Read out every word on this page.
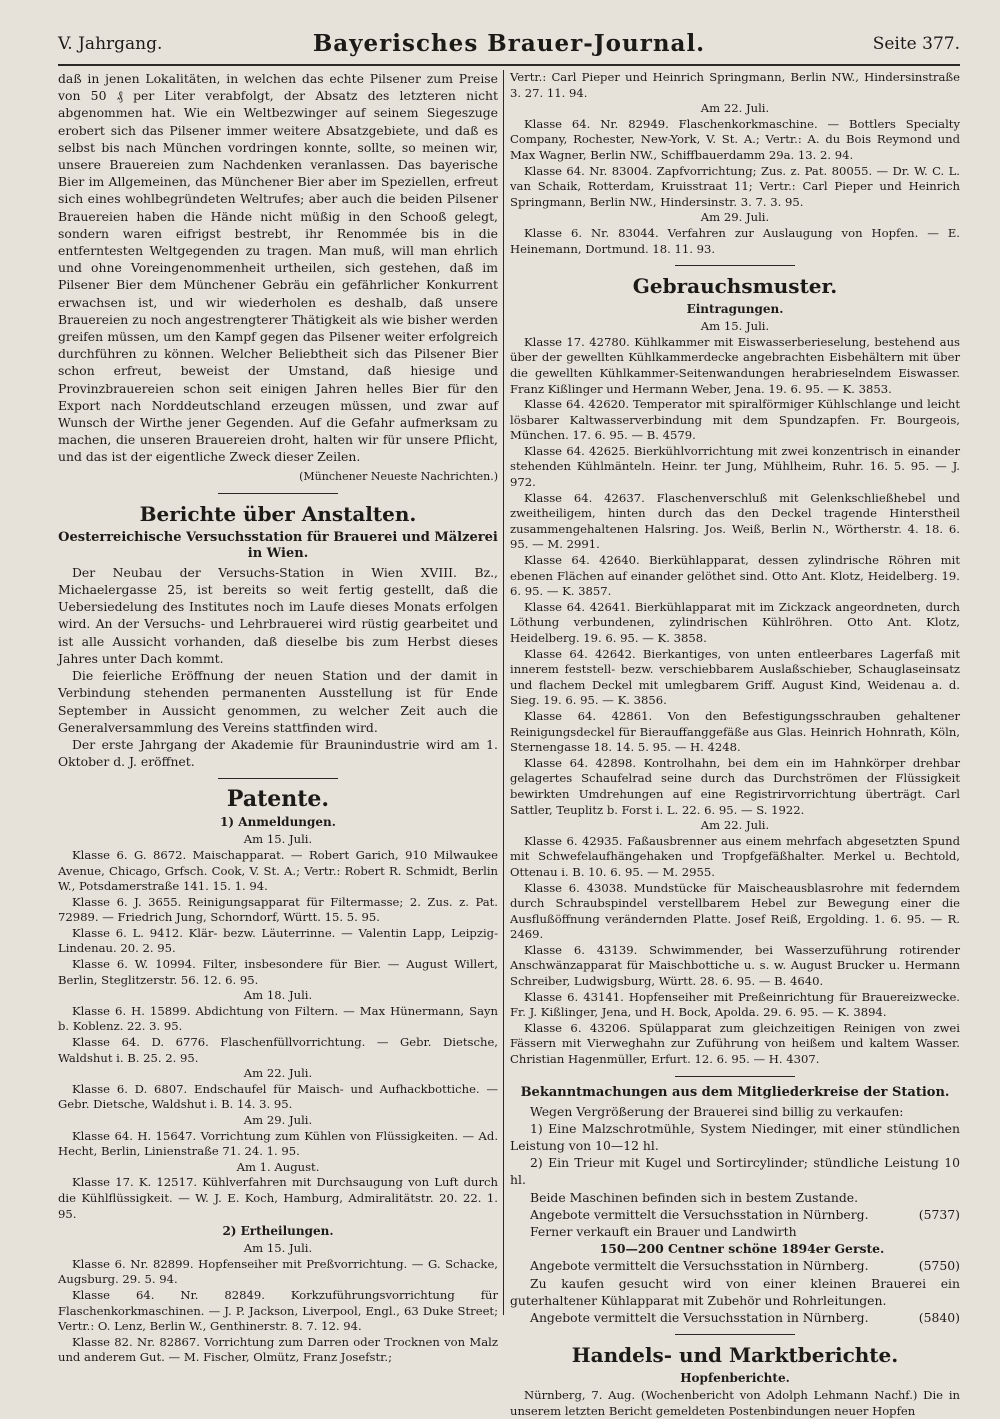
V. Jahrgang.	Bayerisches Brauer-Journal.	Seite 377.

daß in jenen Lokalitäten, in welchen das echte Pilsener zum Preise von 50 ₰ per Liter verabfolgt, der Absatz des letzteren nicht abgenommen hat. Wie ein Weltbezwinger auf seinem Siegeszuge erobert sich das Pilsener immer weitere Absatzgebiete, und daß es selbst bis nach München vordringen konnte, sollte, so meinen wir, unsere Brauereien zum Nachdenken veranlassen. Das bayerische Bier im Allgemeinen, das Münchener Bier aber im Speziellen, erfreut sich eines wohlbegründeten Weltrufes; aber auch die beiden Pilsener Brauereien haben die Hände nicht müßig in den Schooß gelegt, sondern waren eifrigst bestrebt, ihr Renommée bis in die entferntesten Weltgegenden zu tragen. Man muß, will man ehrlich und ohne Voreingenommenheit urtheilen, sich gestehen, daß im Pilsener Bier dem Münchener Gebräu ein gefährlicher Konkurrent erwachsen ist, und wir wiederholen es deshalb, daß unsere Brauereien zu noch angestrengterer Thätigkeit als wie bisher werden greifen müssen, um den Kampf gegen das Pilsener weiter erfolgreich durchführen zu können. Welcher Beliebtheit sich das Pilsener Bier schon erfreut, beweist der Umstand, daß hiesige und Provinzbrauereien schon seit einigen Jahren helles Bier für den Export nach Norddeutschland erzeugen müssen, und zwar auf Wunsch der Wirthe jener Gegenden. Auf die Gefahr aufmerksam zu machen, die unseren Brauereien droht, halten wir für unsere Pflicht, und das ist der eigentliche Zweck dieser Zeilen.

(Münchener Neueste Nachrichten.)
Berichte über Anstalten.
Oesterreichische Versuchsstation für Brauerei und Mälzerei in Wien.

Der Neubau der Versuchs-Station in Wien XVIII. Bz., Michaelergasse 25, ist bereits so weit fertig gestellt, daß die Uebersiedelung des Institutes noch im Laufe dieses Monats erfolgen wird. An der Versuchs- und Lehrbrauerei wird rüstig gearbeitet und ist alle Aussicht vorhanden, daß dieselbe bis zum Herbst dieses Jahres unter Dach kommt.

Die feierliche Eröffnung der neuen Station und der damit in Verbindung stehenden permanenten Ausstellung ist für Ende September in Aussicht genommen, zu welcher Zeit auch die Generalversammlung des Vereins stattfinden wird.

Der erste Jahrgang der Akademie für Braunindustrie wird am 1. Oktober d. J. eröffnet.

Patente.
1) Anmeldungen.
Am 15. Juli.

Klasse 6. G. 8672. Maischapparat. — Robert Garich, 910 Milwaukee Avenue, Chicago, Grfsch. Cook, V. St. A.; Vertr.: Robert R. Schmidt, Berlin W., Potsdamerstraße 141. 15. 1. 94.

Klasse 6. J. 3655. Reinigungsapparat für Filtermasse; 2. Zus. z. Pat. 72989. — Friedrich Jung, Schorndorf, Württ. 15. 5. 95.

Klasse 6. L. 9412. Klär- bezw. Läuterrinne. — Valentin Lapp, Leipzig-Lindenau. 20. 2. 95.

Klasse 6. W. 10994. Filter, insbesondere für Bier. — August Willert, Berlin, Steglitzerstr. 56. 12. 6. 95.

Am 18. Juli.

Klasse 6. H. 15899. Abdichtung von Filtern. — Max Hünermann, Sayn b. Koblenz. 22. 3. 95.

Klasse 64. D. 6776. Flaschenfüllvorrichtung. — Gebr. Dietsche, Waldshut i. B. 25. 2. 95.

Am 22. Juli.

Klasse 6. D. 6807. Endschaufel für Maisch- und Aufhackbottiche. — Gebr. Dietsche, Waldshut i. B. 14. 3. 95.

Am 29. Juli.

Klasse 64. H. 15647. Vorrichtung zum Kühlen von Flüssigkeiten. — Ad. Hecht, Berlin, Linienstraße 71. 24. 1. 95.

Am 1. August.

Klasse 17. K. 12517. Kühlverfahren mit Durchsaugung von Luft durch die Kühlflüssigkeit. — W. J. E. Koch, Hamburg, Admiralitätstr. 20. 22. 1. 95.

2) Ertheilungen.
Am 15. Juli.

Klasse 6. Nr. 82899. Hopfenseiher mit Preßvorrichtung. — G. Schacke, Augsburg. 29. 5. 94.

Klasse 64. Nr. 82849. Korkzuführungsvorrichtung für Flaschenkorkmaschinen. — J. P. Jackson, Liverpool, Engl., 63 Duke Street; Vertr.: O. Lenz, Berlin W., Genthinerstr. 8. 7. 12. 94.

Klasse 82. Nr. 82867. Vorrichtung zum Darren oder Trocknen von Malz und anderem Gut. — M. Fischer, Olmütz, Franz Josefstr.;

Vertr.: Carl Pieper und Heinrich Springmann, Berlin NW., Hindersinstraße 3. 27. 11. 94.

Am 22. Juli.

Klasse 64. Nr. 82949. Flaschenkorkmaschine. — Bottlers Specialty Company, Rochester, New-York, V. St. A.; Vertr.: A. du Bois Reymond und Max Wagner, Berlin NW., Schiffbauerdamm 29a. 13. 2. 94.

Klasse 64. Nr. 83004. Zapfvorrichtung; Zus. z. Pat. 80055. — Dr. W. C. L. van Schaik, Rotterdam, Kruisstraat 11; Vertr.: Carl Pieper und Heinrich Springmann, Berlin NW., Hindersinstr. 3. 7. 3. 95.

Am 29. Juli.

Klasse 6. Nr. 83044. Verfahren zur Auslaugung von Hopfen. — E. Heinemann, Dortmund. 18. 11. 93.

Gebrauchsmuster.
Eintragungen.
Am 15. Juli.

Klasse 17. 42780. Kühlkammer mit Eiswasserberieselung, bestehend aus über der gewellten Kühlkammerdecke angebrachten Eisbehältern mit über die gewellten Kühlkammer-Seitenwandungen herabrieselndem Eiswasser. Franz Kißlinger und Hermann Weber, Jena. 19. 6. 95. — K. 3853.

Klasse 64. 42620. Temperator mit spiralförmiger Kühlschlange und leicht lösbarer Kaltwasserverbindung mit dem Spundzapfen. Fr. Bourgeois, München. 17. 6. 95. — B. 4579.

Klasse 64. 42625. Bierkühlvorrichtung mit zwei konzentrisch in einander stehenden Kühlmänteln. Heinr. ter Jung, Mühlheim, Ruhr. 16. 5. 95. — J. 972.

Klasse 64. 42637. Flaschenverschluß mit Gelenkschließhebel und zweitheiligem, hinten durch das den Deckel tragende Hinterstheil zusammengehaltenen Halsring. Jos. Weiß, Berlin N., Wörtherstr. 4. 18. 6. 95. — M. 2991.

Klasse 64. 42640. Bierkühlapparat, dessen zylindrische Röhren mit ebenen Flächen auf einander gelöthet sind. Otto Ant. Klotz, Heidelberg. 19. 6. 95. — K. 3857.

Klasse 64. 42641. Bierkühlapparat mit im Zickzack angeordneten, durch Löthung verbundenen, zylindrischen Kühlröhren. Otto Ant. Klotz, Heidelberg. 19. 6. 95. — K. 3858.

Klasse 64. 42642. Bierkantiges, von unten entleerbares Lagerfaß mit innerem feststell- bezw. verschiebbarem Auslaßschieber, Schauglaseinsatz und flachem Deckel mit umlegbarem Griff. August Kind, Weidenau a. d. Sieg. 19. 6. 95. — K. 3856.

Klasse 64. 42861. Von den Befestigungsschrauben gehaltener Reinigungsdeckel für Bierauffanggefäße aus Glas. Heinrich Hohnrath, Köln, Sternengasse 18. 14. 5. 95. — H. 4248.

Klasse 64. 42898. Kontrolhahn, bei dem ein im Hahnkörper drehbar gelagertes Schaufelrad seine durch das Durchströmen der Flüssigkeit bewirkten Umdrehungen auf eine Registrirvorrichtung überträgt. Carl Sattler, Teuplitz b. Forst i. L. 22. 6. 95. — S. 1922.

Am 22. Juli.

Klasse 6. 42935. Faßausbrenner aus einem mehrfach abgesetzten Spund mit Schwefelaufhängehaken und Tropfgefäßhalter. Merkel u. Bechtold, Ottenau i. B. 10. 6. 95. — M. 2955.

Klasse 6. 43038. Mundstücke für Maischeausblasrohre mit federndem durch Schraubspindel verstellbarem Hebel zur Bewegung einer die Ausflußöffnung verändernden Platte. Josef Reiß, Ergolding. 1. 6. 95. — R. 2469.

Klasse 6. 43139. Schwimmender, bei Wasserzuführung rotirender Anschwänzapparat für Maischbottiche u. s. w. August Brucker u. Hermann Schreiber, Ludwigsburg, Württ. 28. 6. 95. — B. 4640.

Klasse 6. 43141. Hopfenseiher mit Preßeinrichtung für Brauereizwecke. Fr. J. Kißlinger, Jena, und H. Bock, Apolda. 29. 6. 95. — K. 3894.

Klasse 6. 43206. Spülapparat zum gleichzeitigen Reinigen von zwei Fässern mit Vierweghahn zur Zuführung von heißem und kaltem Wasser. Christian Hagenmüller, Erfurt. 12. 6. 95. — H. 4307.

Bekanntmachungen aus dem Mitgliederkreise der Station.

Wegen Vergrößerung der Brauerei sind billig zu verkaufen:

1) Eine Malzschrotmühle, System Niedinger, mit einer stündlichen Leistung von 10—12 hl.

2) Ein Trieur mit Kugel und Sortircylinder; stündliche Leistung 10 hl.

Beide Maschinen befinden sich in bestem Zustande.

Angebote vermittelt die Versuchsstation in Nürnberg.	(5737)

Ferner verkauft ein Brauer und Landwirth

150—200 Centner schöne 1894er Gerste.

Angebote vermittelt die Versuchsstation in Nürnberg.	(5750)

Zu kaufen gesucht wird von einer kleinen Brauerei ein guterhaltener Kühlapparat mit Zubehör und Rohrleitungen.

Angebote vermittelt die Versuchsstation in Nürnberg.	(5840)

Handels- und Marktberichte.
Hopfenberichte.

Nürnberg, 7. Aug. (Wochenbericht von Adolph Lehmann Nachf.) Die in unserem letzten Bericht gemeldeten Postenbindungen neuer Hopfen
